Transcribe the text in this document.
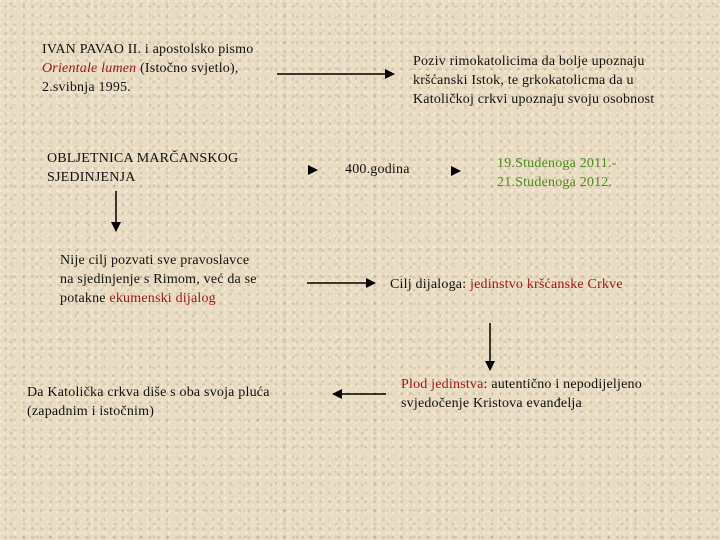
IVAN PAVAO II. i apostolsko pismo
Orientale lumen (Istočno svjetlo),
2.svibnja 1995.
Poziv rimokatolicima da bolje upoznaju
kršćanski Istok, te grkokatolicma da u
Katoličkoj crkvi upoznaju svoju osobnost
OBLJETNICA MARČANSKOG
SJEDINJENJA
400.godina	19.Studenoga 2011.-
21.Studenoga 2012.
Nije cilj pozvati sve pravoslavce
na sjedinjenje s Rimom, već da se
potakne ekumenski dijalog
Cilj dijaloga: jedinstvo kršćanske Crkve
Da Katolička crkva diše s oba svoja pluća
(zapadnim i istočnim)
Plod jedinstva: autentično i nepodijeljeno
svjedočenje Kristova evanđelja
